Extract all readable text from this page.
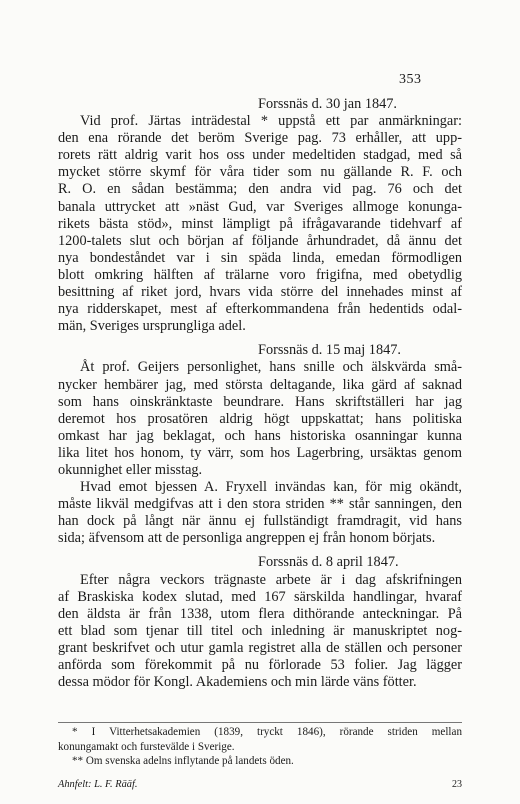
353
Forssnäs d. 30 jan 1847.
Vid prof. Järtas inträdestal * uppstå ett par anmärkningar:
den ena rörande det beröm Sverige pag. 73 erhåller, att upp-
rorets rätt aldrig varit hos oss under medeltiden stadgad, med så
mycket större skymf för våra tider som nu gällande R. F. och
R. O. en sådan bestämma; den andra vid pag. 76 och det
banala uttrycket att »näst Gud, var Sveriges allmoge konunga-
rikets bästa stöd», minst lämpligt på ifrågavarande tidehvarf af
1200-talets slut och början af följande århundradet, då ännu det
nya bondeståndet var i sin späda linda, emedan förmodligen
blott omkring hälften af trälarne voro frigifna, med obetydlig
besittning af riket jord, hvars vida större del innehades minst af
nya ridderskapet, mest af efterkommandena från hedentids odal-
män, Sveriges ursprungliga adel.
Forssnäs d. 15 maj 1847.
Åt prof. Geijers personlighet, hans snille och älskvärda små-
nycker hembärer jag, med största deltagande, lika gärd af saknad
som hans oinskränktaste beundrare. Hans skriftställeri har jag
deremot hos prosatören aldrig högt uppskattat; hans politiska
omkast har jag beklagat, och hans historiska osanningar kunna
lika litet hos honom, ty värr, som hos Lagerbring, ursäktas genom
okunnighet eller misstag.
Hvad emot bjessen A. Fryxell invändas kan, för mig okändt,
måste likväl medgifvas att i den stora striden ** står sanningen, den
han dock på långt när ännu ej fullständigt framdragit, vid hans
sida; äfvensom att de personliga angreppen ej från honom börjats.
Forssnäs d. 8 april 1847.
Efter några veckors trägnaste arbete är i dag afskrifningen
af Braskiska kodex slutad, med 167 särskilda handlingar, hvaraf
den äldsta är från 1338, utom flera dithörande anteckningar. På
ett blad som tjenar till titel och inledning är manuskriptet nog-
grant beskrifvet och utur gamla registret alla de ställen och personer
anförda som förekommit på nu förlorade 53 folier. Jag lägger
dessa mödor för Kongl. Akademiens och min lärde väns fötter.
* I Vitterhetsakademien (1839, tryckt 1846), rörande striden mellan
konungamakt och furstevälde i Sverige.
** Om svenska adelns inflytande på landets öden.
Ahnfelt: L. F. Rääf.	23
